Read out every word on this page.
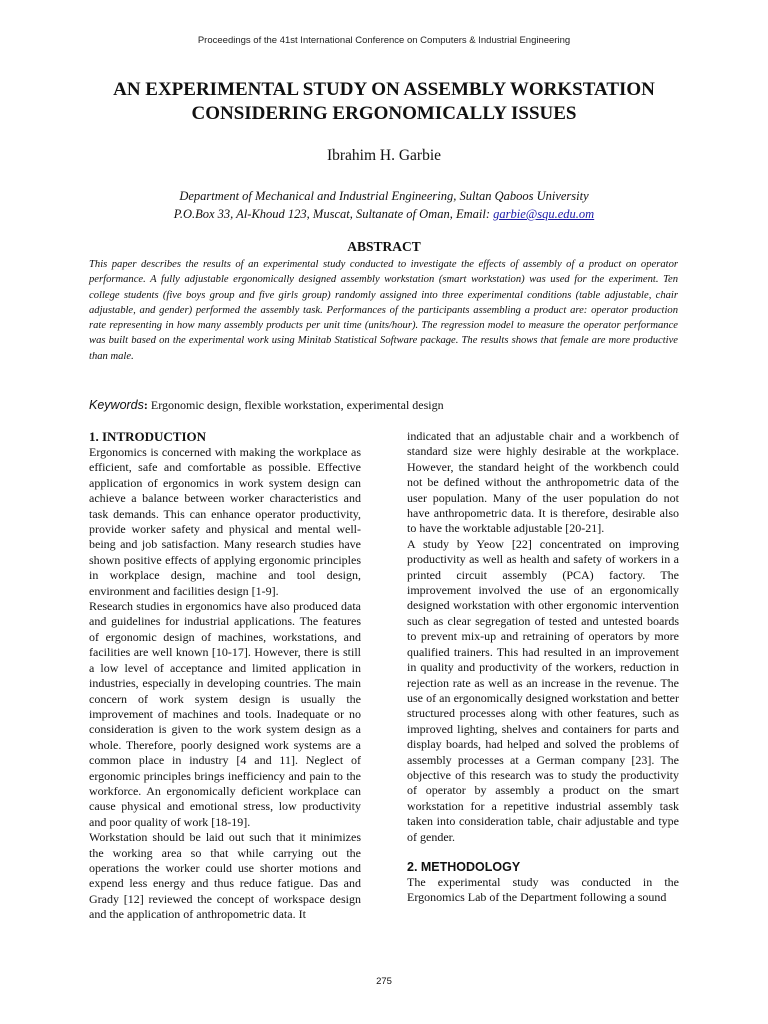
Proceedings of the 41st International Conference on Computers & Industrial Engineering
AN EXPERIMENTAL STUDY ON ASSEMBLY WORKSTATION
CONSIDERING ERGONOMICALLY ISSUES
Ibrahim H. Garbie
Department of Mechanical and Industrial Engineering, Sultan Qaboos University
P.O.Box 33, Al-Khoud 123, Muscat, Sultanate of Oman, Email: garbie@squ.edu.om
ABSTRACT

This paper describes the results of an experimental study conducted to investigate the effects of assembly of a product on operator performance. A fully adjustable ergonomically designed assembly workstation (smart workstation) was used for the experiment. Ten college students (five boys group and five girls group) randomly assigned into three experimental conditions (table adjustable, chair adjustable, and gender) performed the assembly task. Performances of the participants assembling a product are: operator production rate representing in how many assembly products per unit time (units/hour). The regression model to measure the operator performance was built based on the experimental work using Minitab Statistical Software package. The results shows that female are more productive than male.

Keywords: Ergonomic design, flexible workstation, experimental design
1. INTRODUCTION

Ergonomics is concerned with making the workplace as efficient, safe and comfortable as possible. Effective application of ergonomics in work system design can achieve a balance between worker characteristics and task demands. This can enhance operator productivity, provide worker safety and physical and mental well-being and job satisfaction. Many research studies have shown positive effects of applying ergonomic principles in workplace design, machine and tool design, environment and facilities design [1-9].

Research studies in ergonomics have also produced data and guidelines for industrial applications. The features of ergonomic design of machines, workstations, and facilities are well known [10-17]. However, there is still a low level of acceptance and limited application in industries, especially in developing countries. The main concern of work system design is usually the improvement of machines and tools. Inadequate or no consideration is given to the work system design as a whole. Therefore, poorly designed work systems are a common place in industry [4 and 11]. Neglect of ergonomic principles brings inefficiency and pain to the workforce. An ergonomically deficient workplace can cause physical and emotional stress, low productivity and poor quality of work [18-19].

Workstation should be laid out such that it minimizes the working area so that while carrying out the operations the worker could use shorter motions and expend less energy and thus reduce fatigue. Das and Grady [12] reviewed the concept of workspace design and the application of anthropometric data. It

indicated that an adjustable chair and a workbench of standard size were highly desirable at the workplace. However, the standard height of the workbench could not be defined without the anthropometric data of the user population. Many of the user population do not have anthropometric data. It is therefore, desirable also to have the worktable adjustable [20-21].

A study by Yeow [22] concentrated on improving productivity as well as health and safety of workers in a printed circuit assembly (PCA) factory. The improvement involved the use of an ergonomically designed workstation with other ergonomic intervention such as clear segregation of tested and untested boards to prevent mix-up and retraining of operators by more qualified trainers. This had resulted in an improvement in quality and productivity of the workers, reduction in rejection rate as well as an increase in the revenue. The use of an ergonomically designed workstation and better structured processes along with other features, such as improved lighting, shelves and containers for parts and display boards, had helped and solved the problems of assembly processes at a German company [23]. The objective of this research was to study the productivity of operator by assembly a product on the smart workstation for a repetitive industrial assembly task taken into consideration table, chair adjustable and type of gender.

2. METHODOLOGY

The experimental study was conducted in the Ergonomics Lab of the Department following a sound

275
